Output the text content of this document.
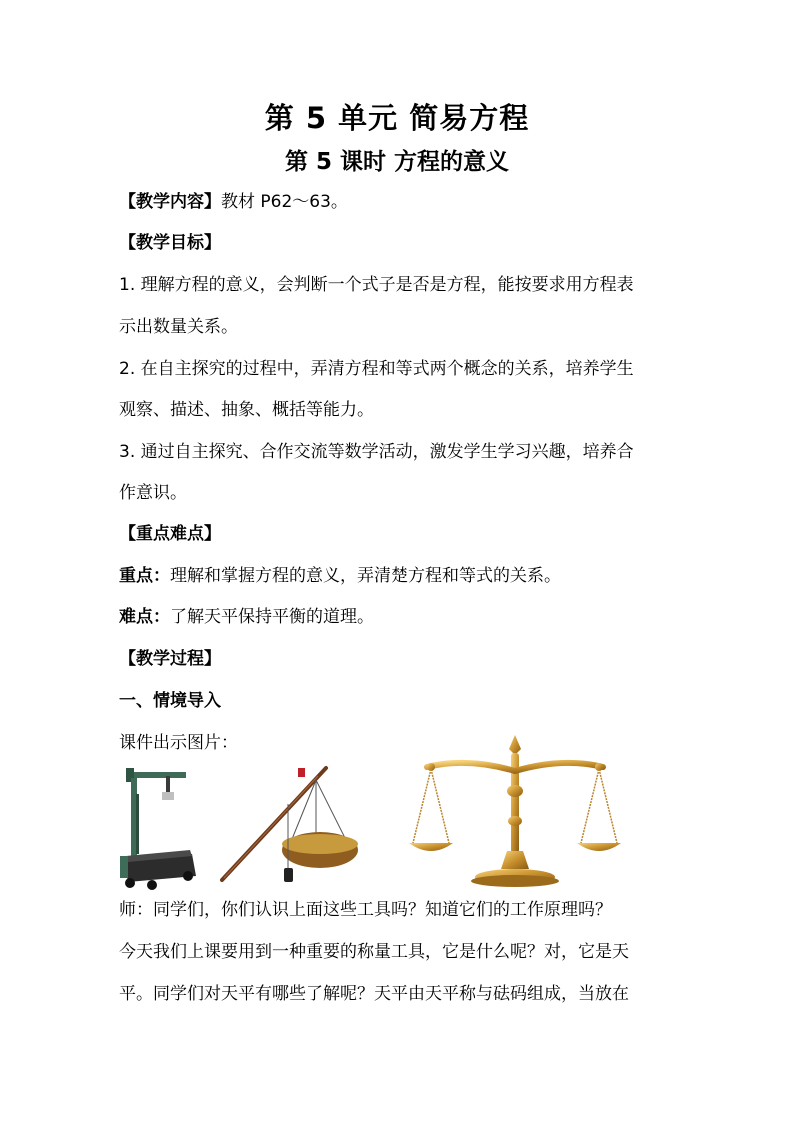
第 5 单元 简易方程
第 5 课时 方程的意义
【教学内容】教材 P62～63。
【教学目标】
1. 理解方程的意义，会判断一个式子是否是方程，能按要求用方程表
示出数量关系。
2. 在自主探究的过程中，弄清方程和等式两个概念的关系，培养学生
观察、描述、抽象、概括等能力。
3. 通过自主探究、合作交流等数学活动，激发学生学习兴趣，培养合
作意识。
【重点难点】
重点：理解和掌握方程的意义，弄清楚方程和等式的关系。
难点：了解天平保持平衡的道理。
【教学过程】
一、情境导入
课件出示图片：
师：同学们，你们认识上面这些工具吗？知道它们的工作原理吗？
今天我们上课要用到一种重要的称量工具，它是什么呢？对，它是天
平。同学们对天平有哪些了解呢？天平由天平称与砝码组成，当放在
